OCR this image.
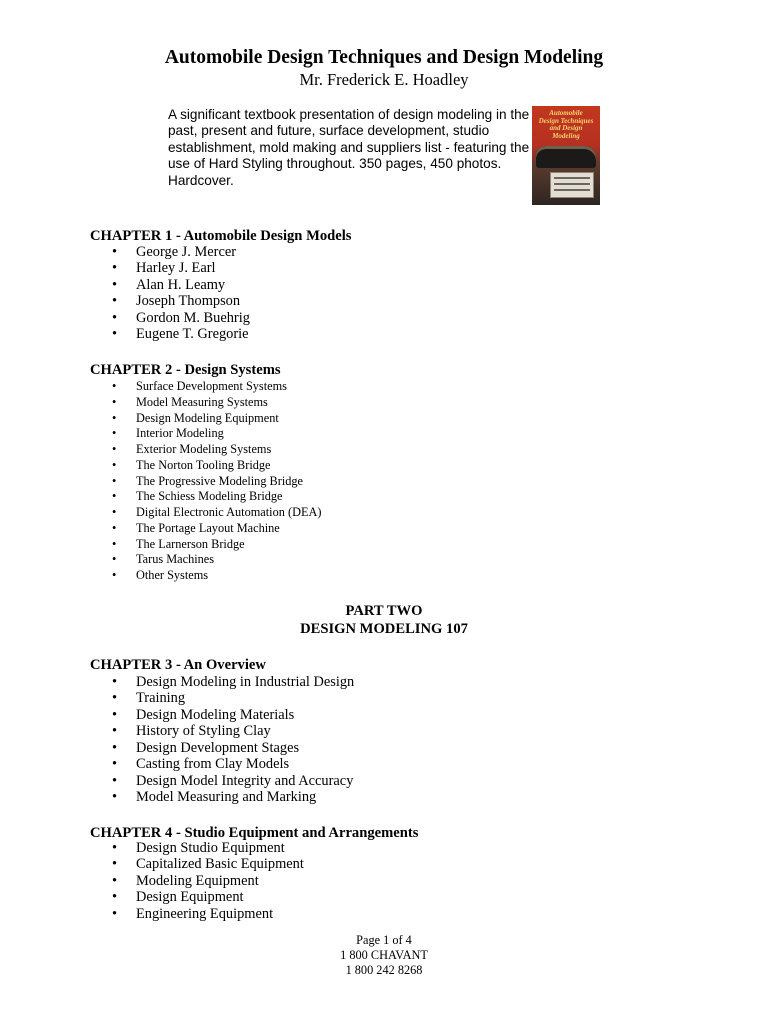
Automobile Design Techniques and Design Modeling
Mr. Frederick E. Hoadley

A significant textbook presentation of design modeling in the past, present and future, surface development, studio establishment, mold making and suppliers list - featuring the use of Hard Styling throughout. 350 pages, 450 photos. Hardcover.

Automobile
Design Techniques
and Design Modeling
CHAPTER 1 - Automobile Design Models
• George J. Mercer
• Harley J. Earl
• Alan H. Leamy
• Joseph Thompson
• Gordon M. Buehrig
• Eugene T. Gregorie
CHAPTER 2 - Design Systems
• Surface Development Systems
• Model Measuring Systems
• Design Modeling Equipment
• Interior Modeling
• Exterior Modeling Systems
• The Norton Tooling Bridge
• The Progressive Modeling Bridge
• The Schiess Modeling Bridge
• Digital Electronic Automation (DEA)
• The Portage Layout Machine
• The Larnerson Bridge
• Tarus Machines
• Other Systems
PART TWO
DESIGN MODELING 107
CHAPTER 3 - An Overview
• Design Modeling in Industrial Design
• Training
• Design Modeling Materials
• History of Styling Clay
• Design Development Stages
• Casting from Clay Models
• Design Model Integrity and Accuracy
• Model Measuring and Marking
CHAPTER 4 - Studio Equipment and Arrangements
• Design Studio Equipment
• Capitalized Basic Equipment
• Modeling Equipment
• Design Equipment
• Engineering Equipment
Page 1 of 4
1 800 CHAVANT
1 800 242 8268
